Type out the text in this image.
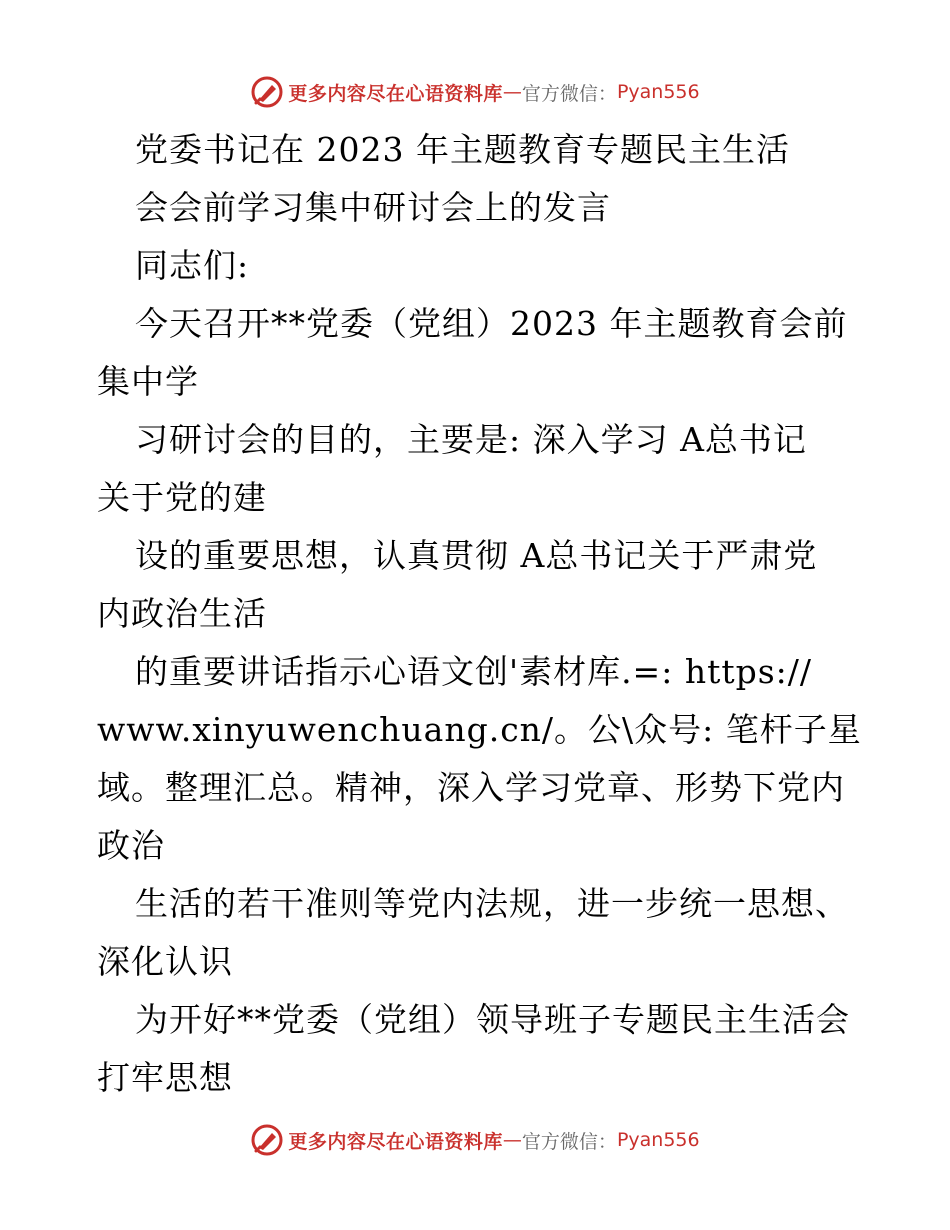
更多内容尽在心语资料库 — 官方微信： Pyan556
党委书记在 2023 年主题教育专题民主生活
会会前学习集中研讨会上的发言
同志们:
今天召开**党委（党组）2023 年主题教育会前
集中学
习研讨会的目的，主要是: 深入学习 A总书记
关于党的建
设的重要思想，认真贯彻 A总书记关于严肃党
内政治生活
的重要讲话指示心语文创'素材库.=: https://
www.xinyuwenchuang.cn/。公\众号: 笔杆子星
域。整理汇总。精神，深入学习党章、形势下党内
政治
生活的若干准则等党内法规，进一步统一思想、
深化认识
为开好**党委（党组）领导班子专题民主生活会
打牢思想
更多内容尽在心语资料库 — 官方微信： Pyan556
